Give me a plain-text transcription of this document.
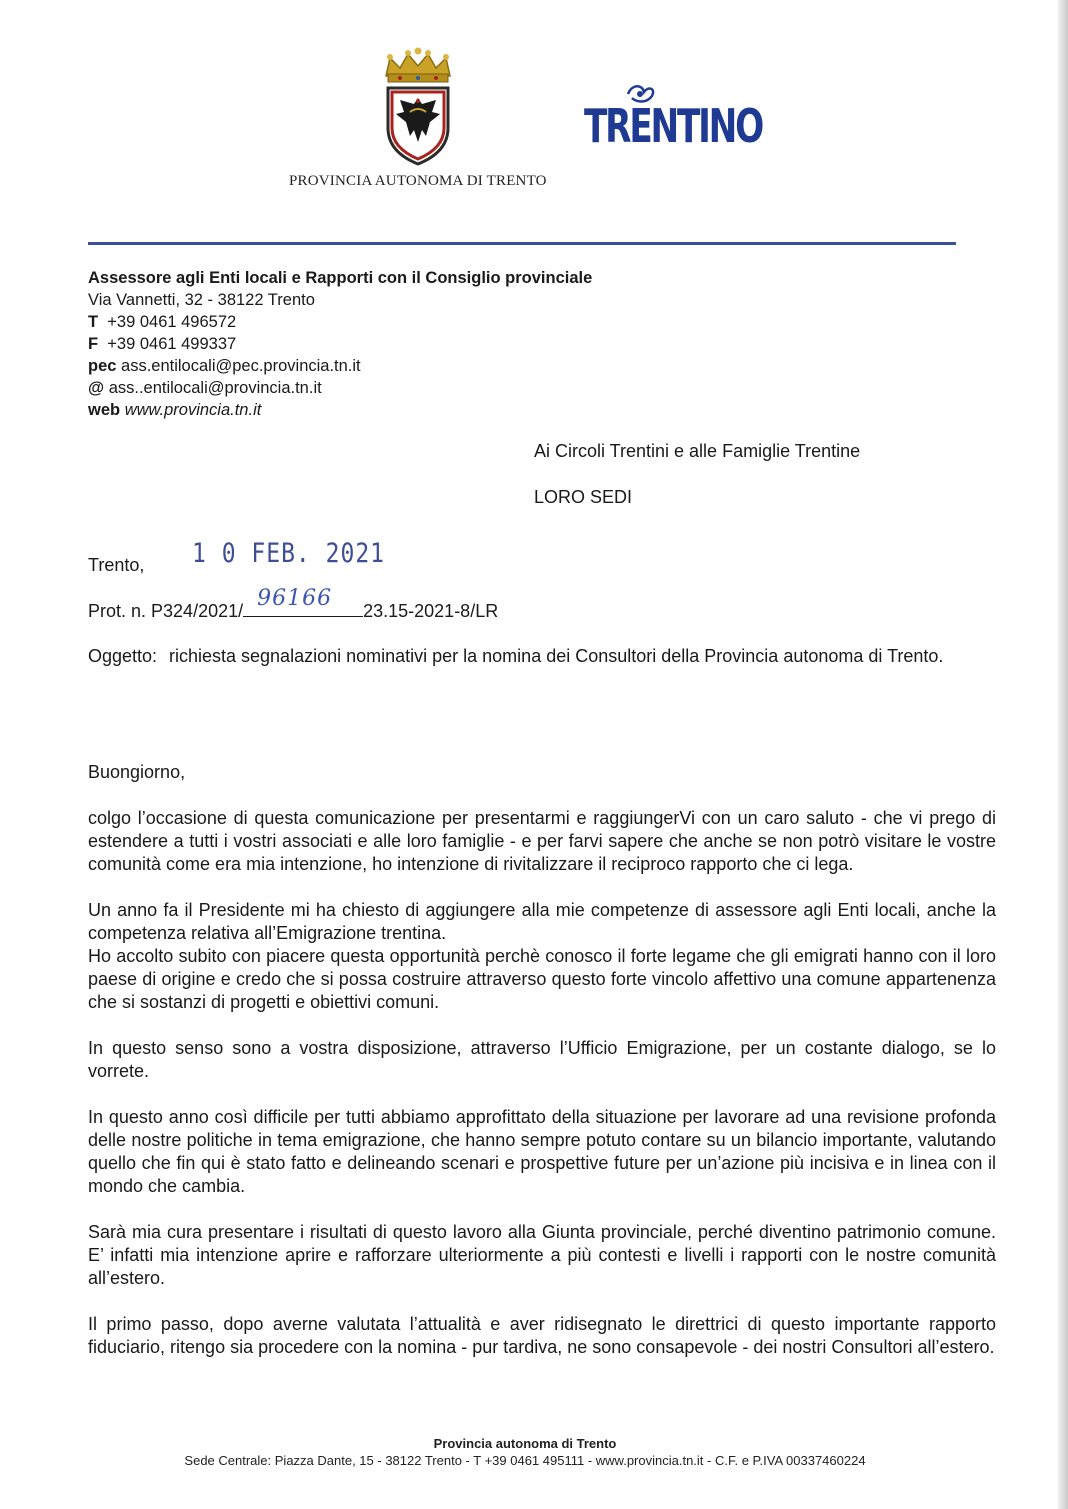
TRENTINO
PROVINCIA AUTONOMA DI TRENTO
Assessore agli Enti locali e Rapporti con il Consiglio provinciale
Via Vannetti, 32 - 38122 Trento
T +39 0461 496572
F +39 0461 499337
pec ass.entilocali@pec.provincia.tn.it
@ ass..entilocali@provincia.tn.it
web www.provincia.tn.it
Ai Circoli Trentini e alle Famiglie Trentine
LORO SEDI
Trento, 1 0 FEB. 2021
Prot. n. P324/2021/ 96166 23.15-2021-8/LR
Oggetto: richiesta segnalazioni nominativi per la nomina dei Consultori della Provincia autonoma di Trento.

Buongiorno,

colgo l’occasione di questa comunicazione per presentarmi e raggiungerVi con un caro saluto - che vi prego di estendere a tutti i vostri associati e alle loro famiglie - e per farvi sapere che anche se non potrò visitare le vostre comunità come era mia intenzione, ho intenzione di rivitalizzare il reciproco rapporto che ci lega.

Un anno fa il Presidente mi ha chiesto di aggiungere alla mie competenze di assessore agli Enti locali, anche la competenza relativa all’Emigrazione trentina.
Ho accolto subito con piacere questa opportunità perchè conosco il forte legame che gli emigrati hanno con il loro paese di origine e credo che si possa costruire attraverso questo forte vincolo affettivo una comune appartenenza che si sostanzi di progetti e obiettivi comuni.

In questo senso sono a vostra disposizione, attraverso l’Ufficio Emigrazione, per un costante dialogo, se lo vorrete.

In questo anno così difficile per tutti abbiamo approfittato della situazione per lavorare ad una revisione profonda delle nostre politiche in tema emigrazione, che hanno sempre potuto contare su un bilancio importante, valutando quello che fin qui è stato fatto e delineando scenari e prospettive future per un’azione più incisiva e in linea con il mondo che cambia.

Sarà mia cura presentare i risultati di questo lavoro alla Giunta provinciale, perché diventino patrimonio comune. E’ infatti mia intenzione aprire e rafforzare ulteriormente a più contesti e livelli i rapporti con le nostre comunità all’estero.

Il primo passo, dopo averne valutata l’attualità e aver ridisegnato le direttrici di questo importante rapporto fiduciario, ritengo sia procedere con la nomina - pur tardiva, ne sono consapevole - dei nostri Consultori all’estero.

Provincia autonoma di Trento
Sede Centrale: Piazza Dante, 15 - 38122 Trento - T +39 0461 495111 - www.provincia.tn.it - C.F. e P.IVA 00337460224
